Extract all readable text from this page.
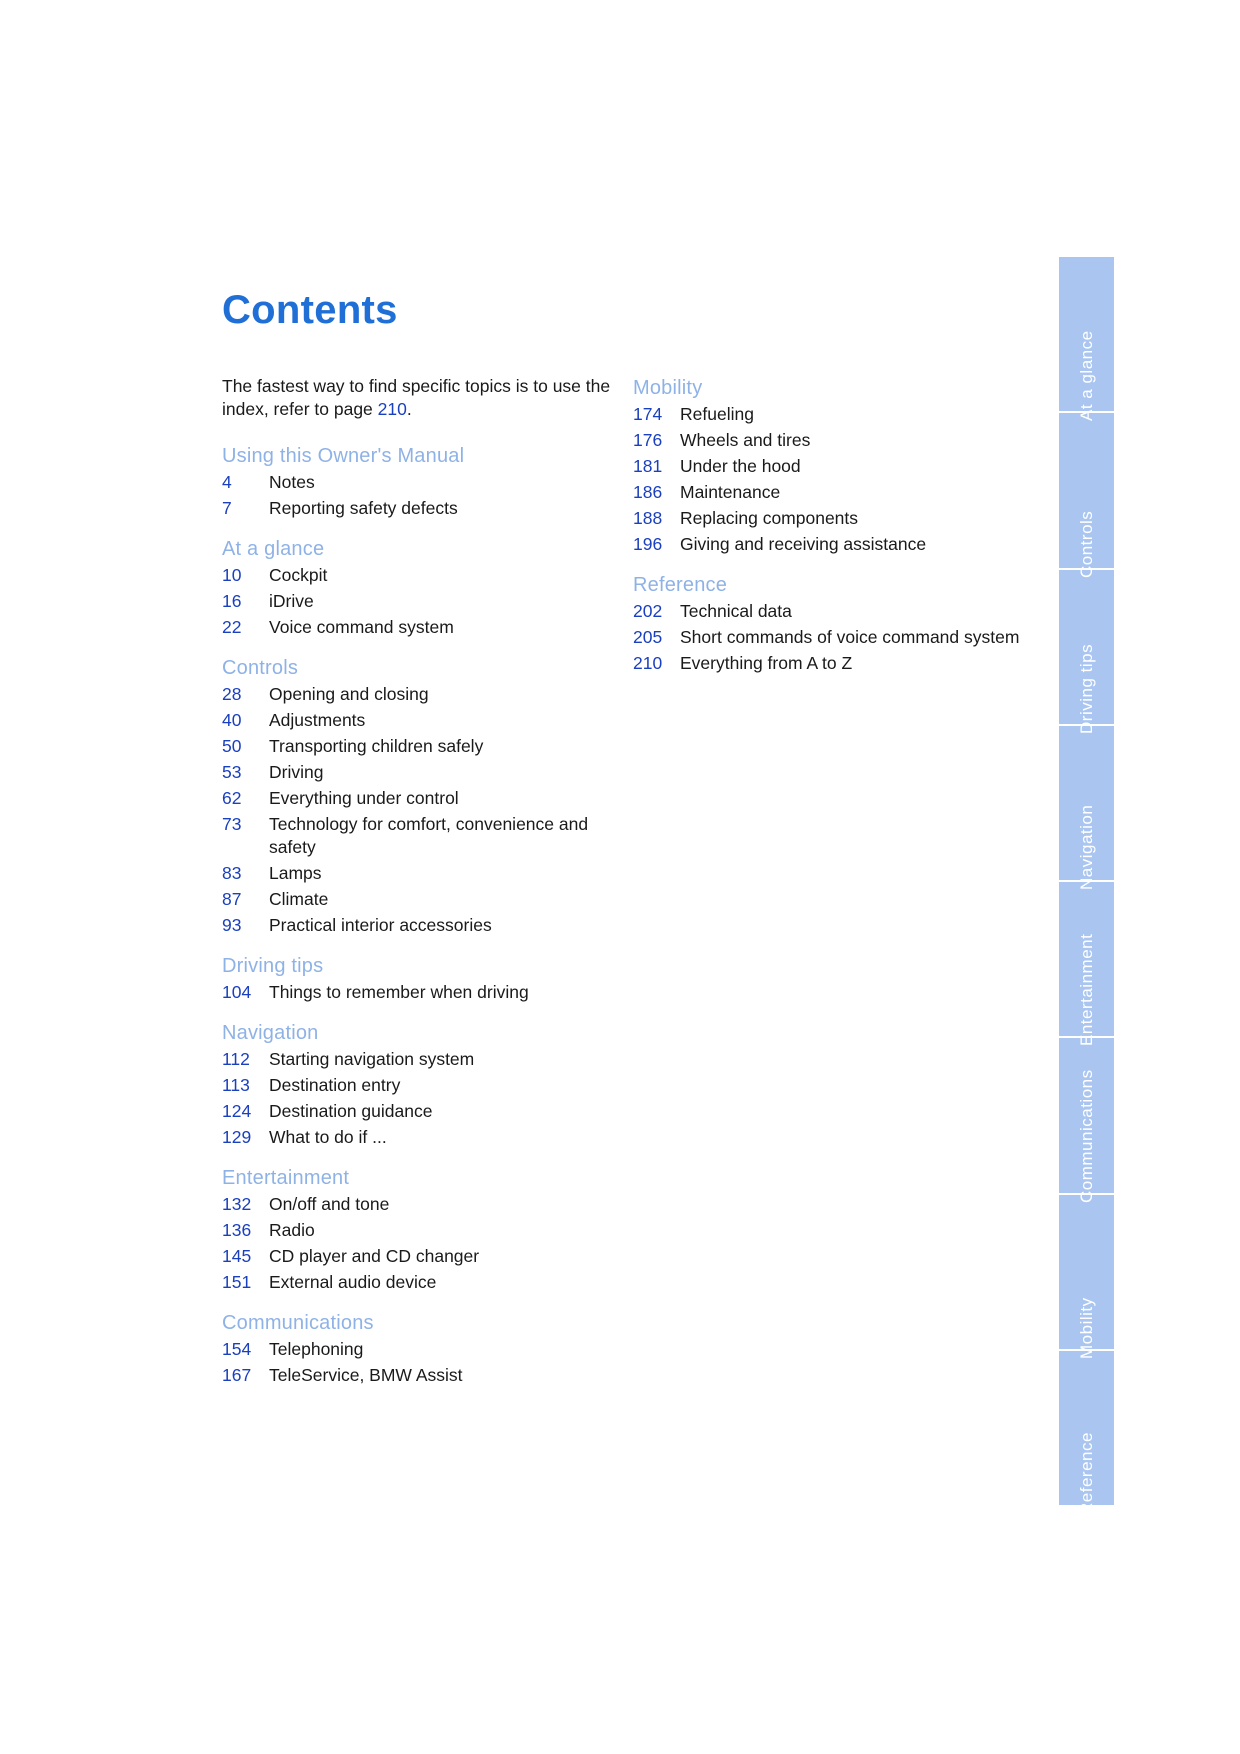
Contents

The fastest way to find specific topics is to use the index, refer to page 210.

Using this Owner's Manual
4	Notes
7	Reporting safety defects
At a glance
10	Cockpit
16	iDrive
22	Voice command system
Controls
28	Opening and closing
40	Adjustments
50	Transporting children safely
53	Driving
62	Everything under control
73	Technology for comfort, convenience and safety
83	Lamps
87	Climate
93	Practical interior accessories
Driving tips
104	Things to remember when driving
Navigation
112	Starting navigation system
113	Destination entry
124	Destination guidance
129	What to do if ...
Entertainment
132	On/off and tone
136	Radio
145	CD player and CD changer
151	External audio device
Communications
154	Telephoning
167	TeleService, BMW Assist
Mobility
174	Refueling
176	Wheels and tires
181	Under the hood
186	Maintenance
188	Replacing components
196	Giving and receiving assistance
Reference
202	Technical data
205	Short commands of voice command system
210	Everything from A to Z
At a glance
Controls
Driving tips
Navigation
Entertainment
Communications
Mobility
Reference
